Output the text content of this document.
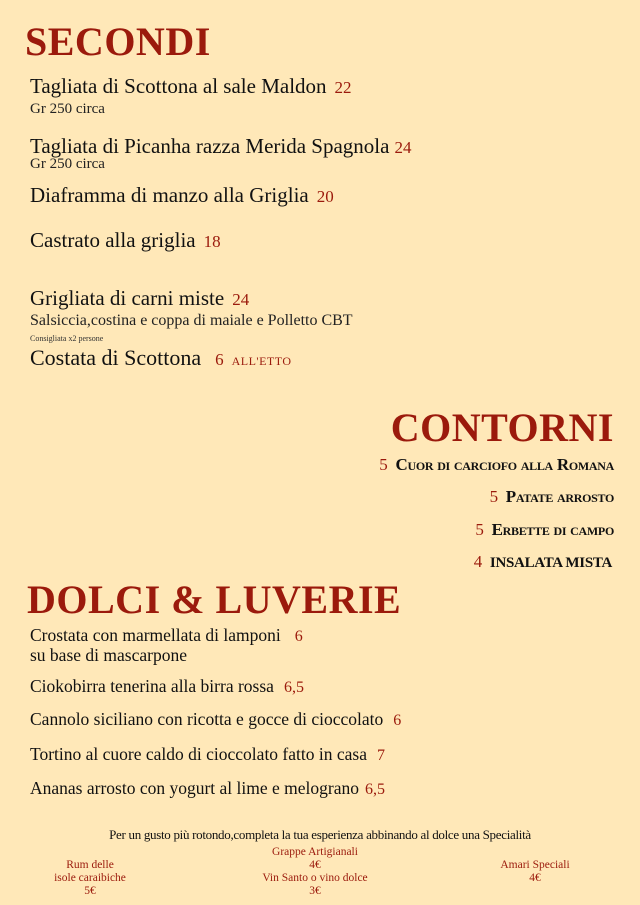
SECONDI
Tagliata di Scottona al sale Maldon 22
Gr 250 circa
Tagliata di Picanha razza Merida Spagnola 24
Gr 250 circa
Diaframma di manzo alla Griglia 20
Castrato alla griglia 18
Grigliata di carni miste 24
Salsiccia,costina e coppa di maiale e Polletto CBT
Consigliata x2 persone
Costata di Scottona 6 ALL'ETTO
CONTORNI
5 Cuor di carciofo alla Romana
5 Patate arrosto
5 Erbette di campo
4 INSALATA MISTA
DOLCI & LUVERIE
Crostata con marmellata di lamponi 6
su base di mascarpone
Ciokobirra tenerina alla birra rossa 6,5
Cannolo siciliano con ricotta e gocce di cioccolato 6
Tortino al cuore caldo di cioccolato fatto in casa 7
Ananas arrosto con yogurt al lime e melograno 6,5
Per un gusto più rotondo,completa la tua esperienza abbinando al dolce una Specialità
Rum delle
isole caraibiche
5€
Grappe Artigianali
4€
Vin Santo o vino dolce
3€
Amari Speciali
4€
